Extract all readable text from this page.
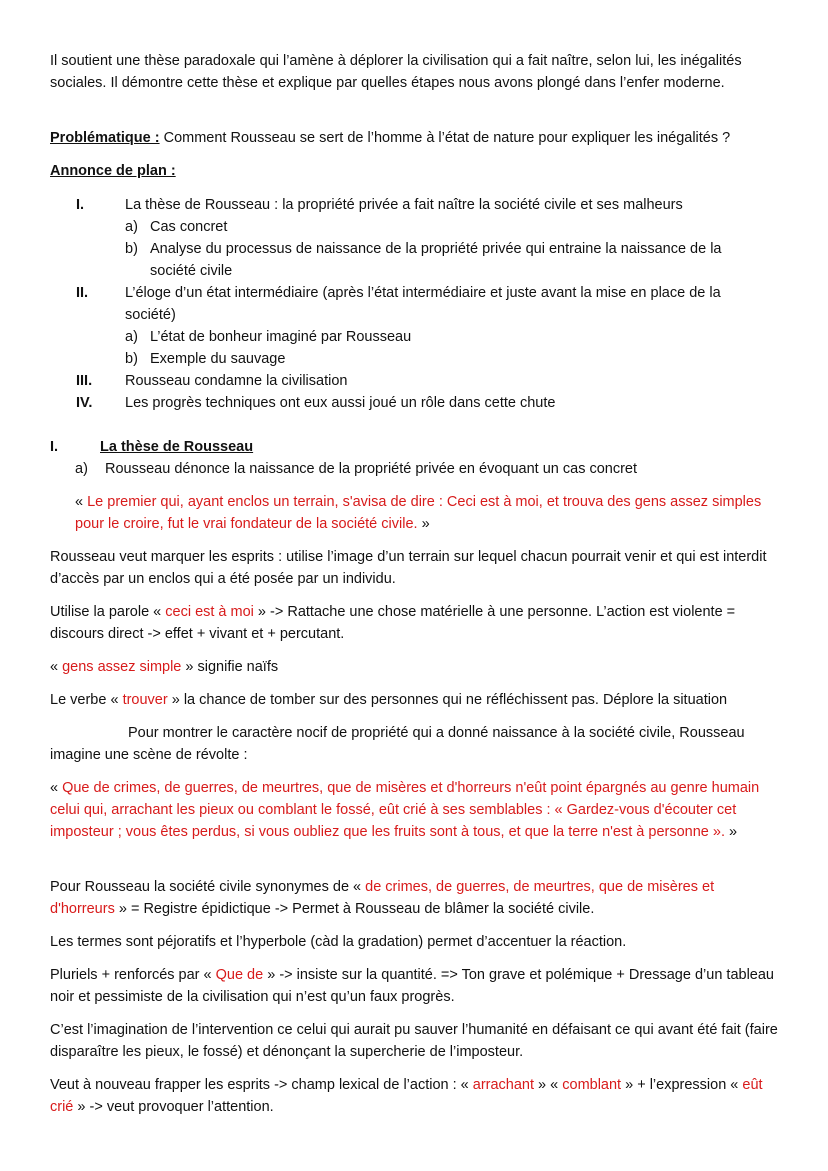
Il soutient une thèse paradoxale qui l’amène à déplorer la civilisation qui a fait naître, selon lui, les inégalités sociales. Il démontre cette thèse et explique par quelles étapes nous avons plongé dans l’enfer moderne.

Problématique : Comment Rousseau se sert de l’homme à l’état de nature pour expliquer les inégalités ?

Annonce de plan :

I.	La thèse de Rousseau : la propriété privée a fait naître la société civile et ses malheurs
a) Cas concret
b) Analyse du processus de naissance de la propriété privée qui entraine la naissance de la société civile
II.	L’éloge d’un état intermédiaire (après l’état intermédiaire et juste avant la mise en place de la société)
a) L’état de bonheur imaginé par Rousseau
b) Exemple du sauvage
III. Rousseau condamne la civilisation
IV. Les progrès techniques ont eux aussi joué un rôle dans cette chute
I.	La thèse de Rousseau
a) Rousseau dénonce la naissance de la propriété privée en évoquant un cas concret

« Le premier qui, ayant enclos un terrain, s'avisa de dire : Ceci est à moi, et trouva des gens assez simples pour le croire, fut le vrai fondateur de la société civile. »

Rousseau veut marquer les esprits : utilise l’image d’un terrain sur lequel chacun pourrait venir et qui est interdit d’accès par un enclos qui a été posée par un individu.

Utilise la parole « ceci est à moi » -> Rattache une chose matérielle à une personne. L’action est violente = discours direct -> effet + vivant et + percutant.

« gens assez simple » signifie naïfs

Le verbe « trouver » la chance de tomber sur des personnes qui ne réfléchissent pas. Déplore la situation

Pour montrer le caractère nocif de propriété qui a donné naissance à la société civile, Rousseau imagine une scène de révolte :

« Que de crimes, de guerres, de meurtres, que de misères et d'horreurs n'eût point épargnés au genre humain celui qui, arrachant les pieux ou comblant le fossé, eût crié à ses semblables : « Gardez-vous d'écouter cet imposteur ; vous êtes perdus, si vous oubliez que les fruits sont à tous, et que la terre n'est à personne ». »

Pour Rousseau la société civile synonymes de « de crimes, de guerres, de meurtres, que de misères et d'horreurs » = Registre épidictique -> Permet à Rousseau de blâmer la société civile.

Les termes sont péjoratifs et l’hyperbole (càd la gradation) permet d’accentuer la réaction.

Pluriels + renforcés par « Que de » -> insiste sur la quantité. => Ton grave et polémique + Dressage d’un tableau noir et pessimiste de la civilisation qui n’est qu’un faux progrès.

C’est l’imagination de l’intervention ce celui qui aurait pu sauver l’humanité en défaisant ce qui avant été fait (faire disparaître les pieux, le fossé) et dénonçant la supercherie de l’imposteur.

Veut à nouveau frapper les esprits -> champ lexical de l’action : « arrachant » « comblant » + l’expression « eût crié » -> veut provoquer l’attention.
